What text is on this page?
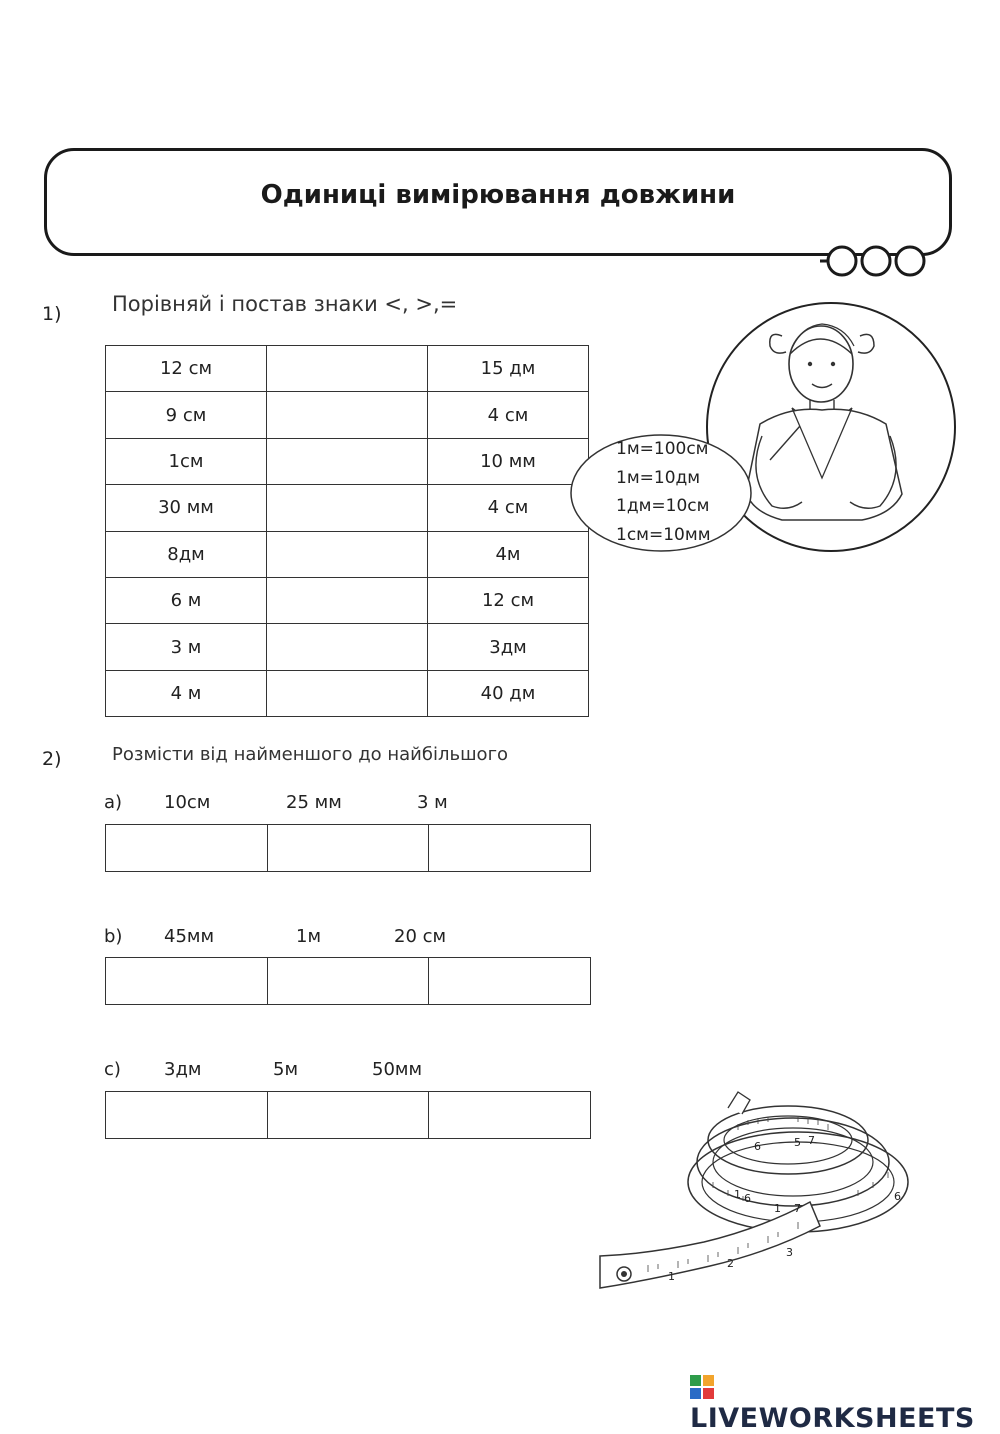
Одиниці вимірювання довжини
1) Порівняй і постав знаки <, >,=
12 см		15 дм
9 см		4 см
1см		10 мм
30 мм		4 см
8дм		4м
6 м		12 см
3 м		3дм
4 м		40 дм
1м=100см
1м=10дм
1дм=10см
1см=10мм
2)	Розмісти від найменшого до найбільшого
a) 10см	25 мм	3 м
b) 45мм	1м	20 см
c) 3дм	5м	50мм
1
2
3
5
6	7
1 6
1 7
6
LIVEWORKSHEETS
